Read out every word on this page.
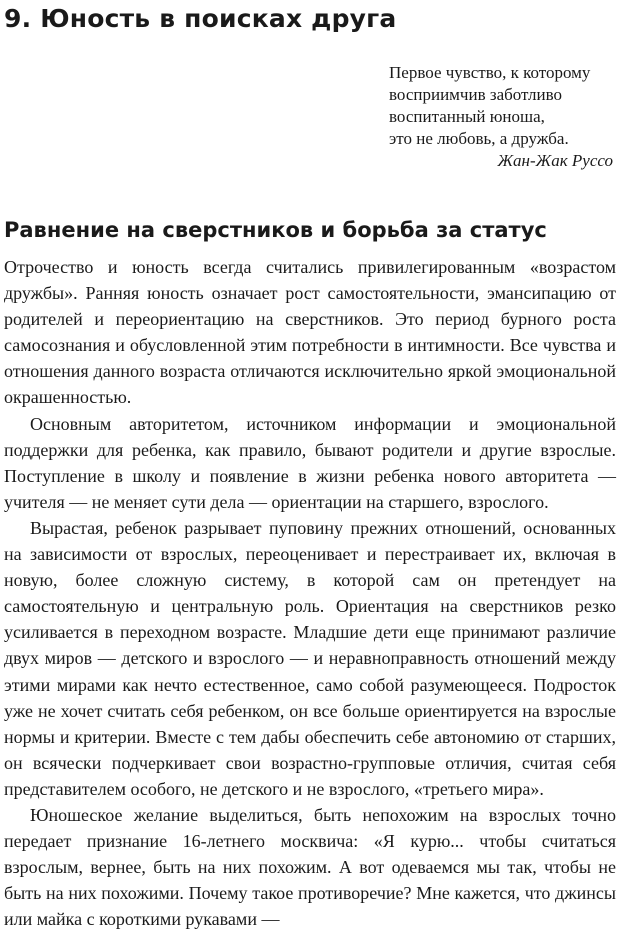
9. Юность в поисках друга
Первое чувство, к которому
восприимчив заботливо
воспитанный юноша,
это не любовь, а дружба.
Жан-Жак Руссо
Равнение на сверстников и борьба за статус

Отрочество и юность всегда считались привилегированным «возрастом дружбы». Ранняя юность означает рост самостоятельности, эмансипацию от родителей и переориентацию на сверстников. Это период бурного роста самосознания и обусловленной этим потребности в интимности. Все чувства и отношения данного возраста отличаются исключительно яркой эмоциональной окрашенностью.

Основным авторитетом, источником информации и эмоциональной поддержки для ребенка, как правило, бывают родители и другие взрослые. Поступление в школу и появление в жизни ребенка нового авторитета — учителя — не меняет сути дела — ориентации на старшего, взрослого.

Вырастая, ребенок разрывает пуповину прежних отношений, основанных на зависимости от взрослых, переоценивает и перестраивает их, включая в новую, более сложную систему, в которой сам он претендует на самостоятельную и центральную роль. Ориентация на сверстников резко усиливается в переходном возрасте. Младшие дети еще принимают различие двух миров — детского и взрослого — и неравноправность отношений между этими мирами как нечто естественное, само собой разумеющееся. Подросток уже не хочет считать себя ребенком, он все больше ориентируется на взрослые нормы и критерии. Вместе с тем дабы обеспечить себе автономию от старших, он всячески подчеркивает свои возрастно-групповые отличия, считая себя представителем особого, не детского и не взрослого, «третьего мира».

Юношеское желание выделиться, быть непохожим на взрослых точно передает признание 16-летнего москвича: «Я курю... чтобы считаться взрослым, вернее, быть на них похожим. А вот одеваемся мы так, чтобы не быть на них похожими. Почему такое противоречие? Мне кажется, что джинсы или майка с короткими рукавами —
